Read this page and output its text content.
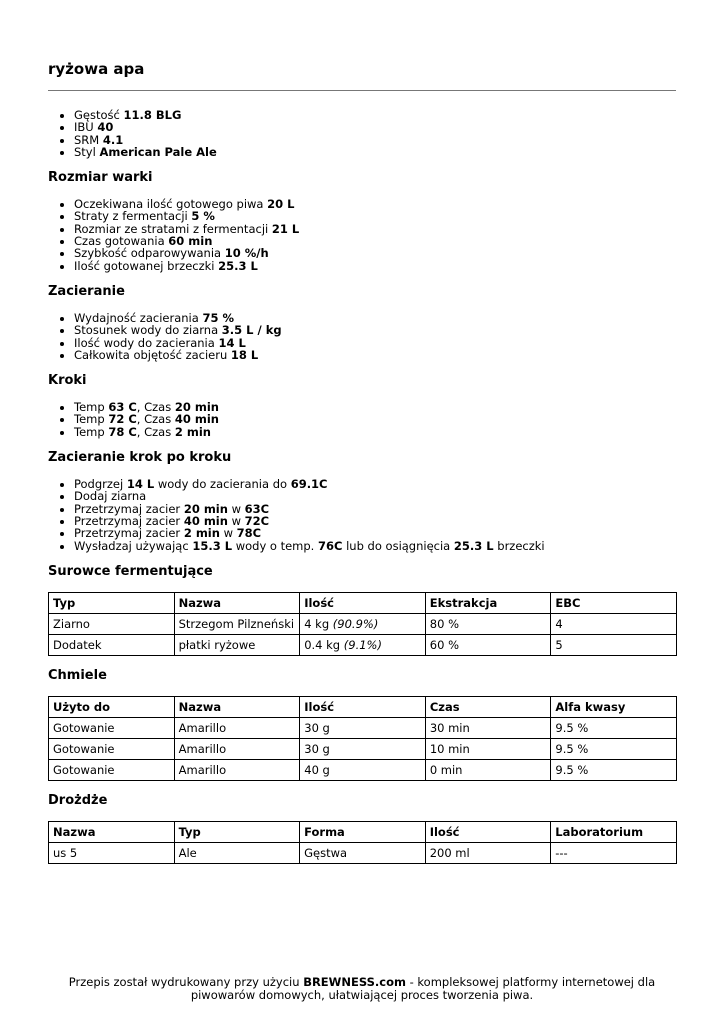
ryżowa apa
• Gęstość 11.8 BLG
• IBU 40
• SRM 4.1
• Styl American Pale Ale
Rozmiar warki
• Oczekiwana ilość gotowego piwa 20 L
• Straty z fermentacji 5 %
• Rozmiar ze stratami z fermentacji 21 L
• Czas gotowania 60 min
• Szybkość odparowywania 10 %/h
• Ilość gotowanej brzeczki 25.3 L
Zacieranie
• Wydajność zacierania 75 %
• Stosunek wody do ziarna 3.5 L / kg
• Ilość wody do zacierania 14 L
• Całkowita objętość zacieru 18 L
Kroki
• Temp 63 C, Czas 20 min
• Temp 72 C, Czas 40 min
• Temp 78 C, Czas 2 min
Zacieranie krok po kroku
• Podgrzej 14 L wody do zacierania do 69.1C
• Dodaj ziarna
• Przetrzymaj zacier 20 min w 63C
• Przetrzymaj zacier 40 min w 72C
• Przetrzymaj zacier 2 min w 78C
• Wysładzaj używając 15.3 L wody o temp. 76C lub do osiągnięcia 25.3 L brzeczki
Surowce fermentujące
Typ	Nazwa	Ilość	Ekstrakcja	EBC
Ziarno	Strzegom Pilzneński	4 kg (90.9%)	80 %	4
Dodatek	płatki ryżowe	0.4 kg (9.1%)	60 %	5
Chmiele
Użyto do	Nazwa	Ilość	Czas	Alfa kwasy
Gotowanie	Amarillo	30 g	30 min	9.5 %
Gotowanie	Amarillo	30 g	10 min	9.5 %
Gotowanie	Amarillo	40 g	0 min	9.5 %
Drożdże
Nazwa	Typ	Forma	Ilość	Laboratorium
us 5	Ale	Gęstwa	200 ml	---
Przepis został wydrukowany przy użyciu BREWNESS.com - kompleksowej platformy internetowej dla piwowarów domowych, ułatwiającej proces tworzenia piwa.
